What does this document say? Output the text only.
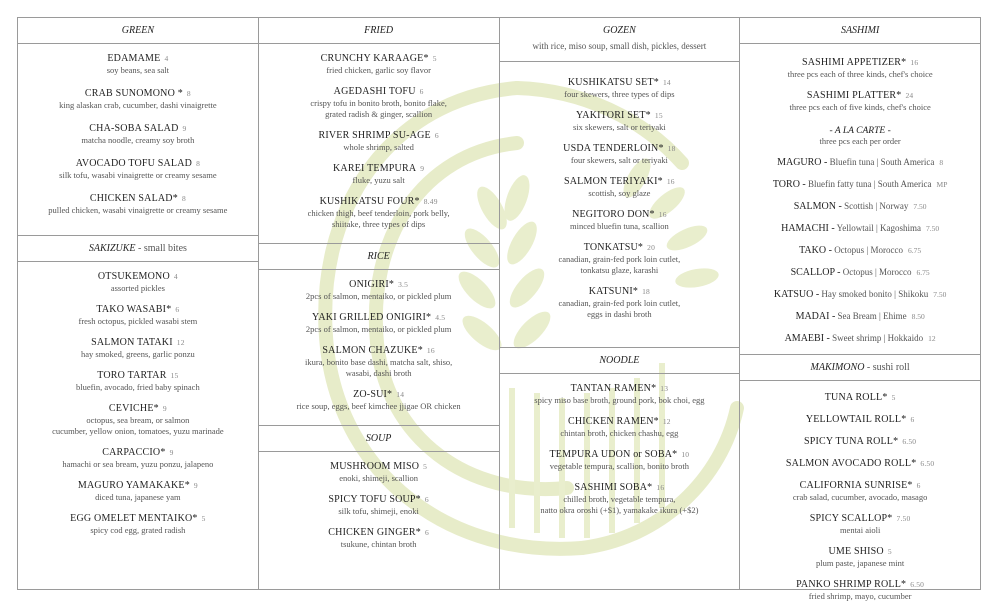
GREEN
EDAMAME 4
soy beans, sea salt
CRAB SUNOMONO * 8
king alaskan crab, cucumber, dashi vinaigrette
CHA-SOBA SALAD 9
matcha noodle, creamy soy broth
AVOCADO TOFU SALAD 8
silk tofu, wasabi vinaigrette or creamy sesame
CHICKEN SALAD* 8
pulled chicken, wasabi vinaigrette or creamy sesame
SAKIZUKE - small bites
OTSUKEMONO 4
assorted pickles
TAKO WASABI* 6
fresh octopus, pickled wasabi stem
SALMON TATAKI 12
hay smoked, greens, garlic ponzu
TORO TARTAR 15
bluefin, avocado, fried baby spinach
CEVICHE* 9
octopus, sea bream, or salmon
cucumber, yellow onion, tomatoes, yuzu marinade
CARPACCIO* 9
hamachi or sea bream, yuzu ponzu, jalapeno
MAGURO YAMAKAKE* 9
diced tuna, japanese yam
EGG OMELET MENTAIKO* 5
spicy cod egg, grated radish
FRIED
CRUNCHY KARAAGE* 5
fried chicken, garlic soy flavor
AGEDASHI TOFU 6
crispy tofu in bonito broth, bonito flake,
grated radish & ginger, scallion
RIVER SHRIMP SU-AGE 6
whole shrimp, salted
KAREI TEMPURA 9
fluke, yuzu salt
KUSHIKATSU FOUR* 8.49
chicken thigh, beef tenderloin, pork belly,
shiitake, three types of dips
RICE
ONIGIRI* 3.5
2pcs of salmon, mentaiko, or pickled plum
YAKI GRILLED ONIGIRI* 4.5
2pcs of salmon, mentaiko, or pickled plum
SALMON CHAZUKE* 16
ikura, bonito base dashi, matcha salt, shiso,
wasabi, dashi broth
ZO-SUI* 14
rice soup, eggs, beef kimchee jjigae OR chicken
SOUP
MUSHROOM MISO 5
enoki, shimeji, scallion
SPICY TOFU SOUP* 6
silk tofu, shimeji, enoki
CHICKEN GINGER* 6
tsukune, chintan broth
GOZEN
with rice, miso soup, small dish, pickles, dessert
KUSHIKATSU SET* 14
four skewers, three types of dips
YAKITORI SET* 15
six skewers, salt or teriyaki
USDA TENDERLOIN* 18
four skewers, salt or teriyaki
SALMON TERIYAKI* 16
scottish, soy glaze
NEGITORO DON* 16
minced bluefin tuna, scallion
TONKATSU* 20
canadian, grain-fed pork loin cutlet,
tonkatsu glaze, karashi
KATSUNI* 18
canadian, grain-fed pork loin cutlet,
eggs in dashi broth
NOODLE
TANTAN RAMEN* 13
spicy miso base broth, ground pork, bok choi, egg
CHICKEN RAMEN* 12
chintan broth, chicken chashu, egg
TEMPURA UDON or SOBA* 10
vegetable tempura, scallion, bonito broth
SASHIMI SOBA* 16
chilled broth, vegetable tempura,
natto okra oroshi (+$1), yamakake ikura (+$2)
SASHIMI
SASHIMI APPETIZER* 16
three pcs each of three kinds, chef's choice
SASHIMI PLATTER* 24
three pcs each of five kinds, chef's choice
- A LA CARTE -
three pcs each per order
MAGURO - Bluefin tuna | South America 8
TORO - Bluefin fatty tuna | South America MP
SALMON - Scottish | Norway 7.50
HAMACHI - Yellowtail | Kagoshima 7.50
TAKO - Octopus | Morocco 6.75
SCALLOP - Octopus | Morocco 6.75
KATSUO - Hay smoked bonito | Shikoku 7.50
MADAI - Sea Bream | Ehime 8.50
AMAEBI - Sweet shrimp | Hokkaido 12
MAKIMONO - sushi roll
TUNA ROLL* 5
YELLOWTAIL ROLL* 6
SPICY TUNA ROLL* 6.50
SALMON AVOCADO ROLL* 6.50
CALIFORNIA SUNRISE* 6
crab salad, cucumber, avocado, masago
SPICY SCALLOP* 7.50
mentai aioli
UME SHISO 5
plum paste, japanese mint
PANKO SHRIMP ROLL* 6.50
fried shrimp, mayo, cucumber
